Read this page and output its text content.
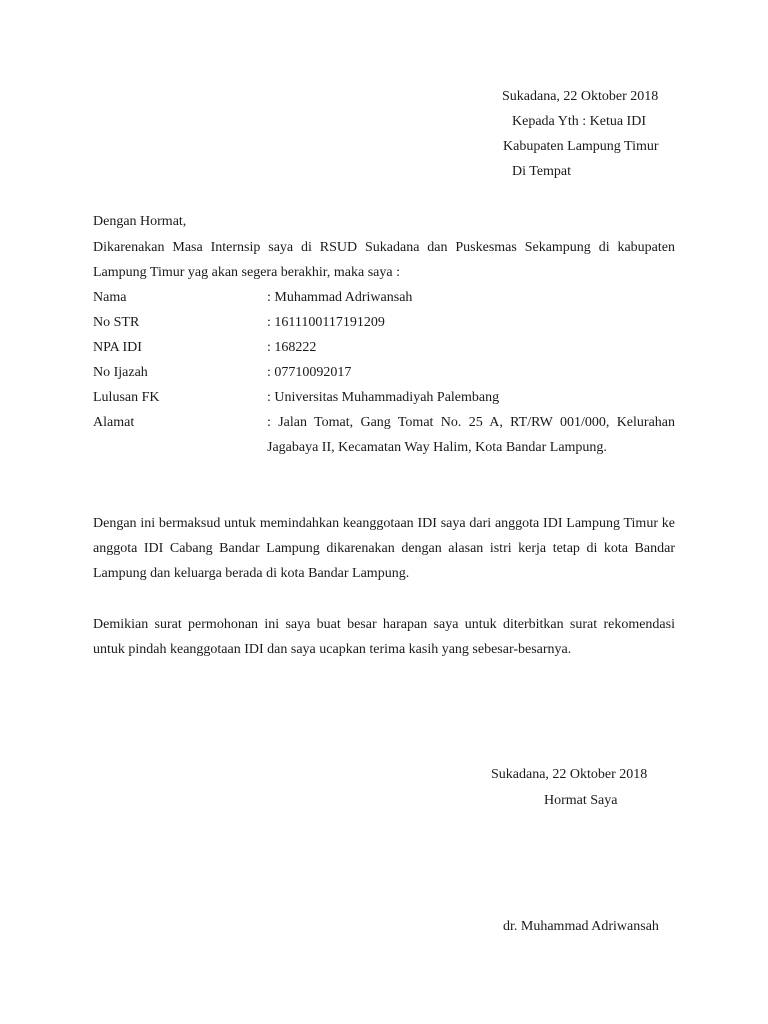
Sukadana, 22 Oktober 2018
Kepada Yth : Ketua IDI
Kabupaten Lampung Timur
Di Tempat
Dengan Hormat,
Dikarenakan Masa Internsip saya di RSUD Sukadana dan Puskesmas Sekampung di kabupaten Lampung Timur yag akan segera berakhir, maka saya :
Nama	: Muhammad Adriwansah
No STR	: 1611100117191209
NPA IDI	: 168222
No Ijazah	: 07710092017
Lulusan FK	: Universitas Muhammadiyah Palembang
Alamat	: Jalan Tomat, Gang Tomat No. 25 A, RT/RW 001/000, Kelurahan Jagabaya II, Kecamatan Way Halim, Kota Bandar Lampung.
Dengan ini bermaksud untuk memindahkan keanggotaan IDI saya dari anggota IDI Lampung Timur ke anggota IDI Cabang Bandar Lampung dikarenakan dengan alasan istri kerja tetap di kota Bandar Lampung dan keluarga berada di kota Bandar Lampung.
Demikian surat permohonan ini saya buat besar harapan saya untuk diterbitkan surat rekomendasi untuk pindah keanggotaan IDI dan saya ucapkan terima kasih yang sebesar-besarnya.
Sukadana, 22 Oktober 2018
Hormat Saya
dr. Muhammad Adriwansah
